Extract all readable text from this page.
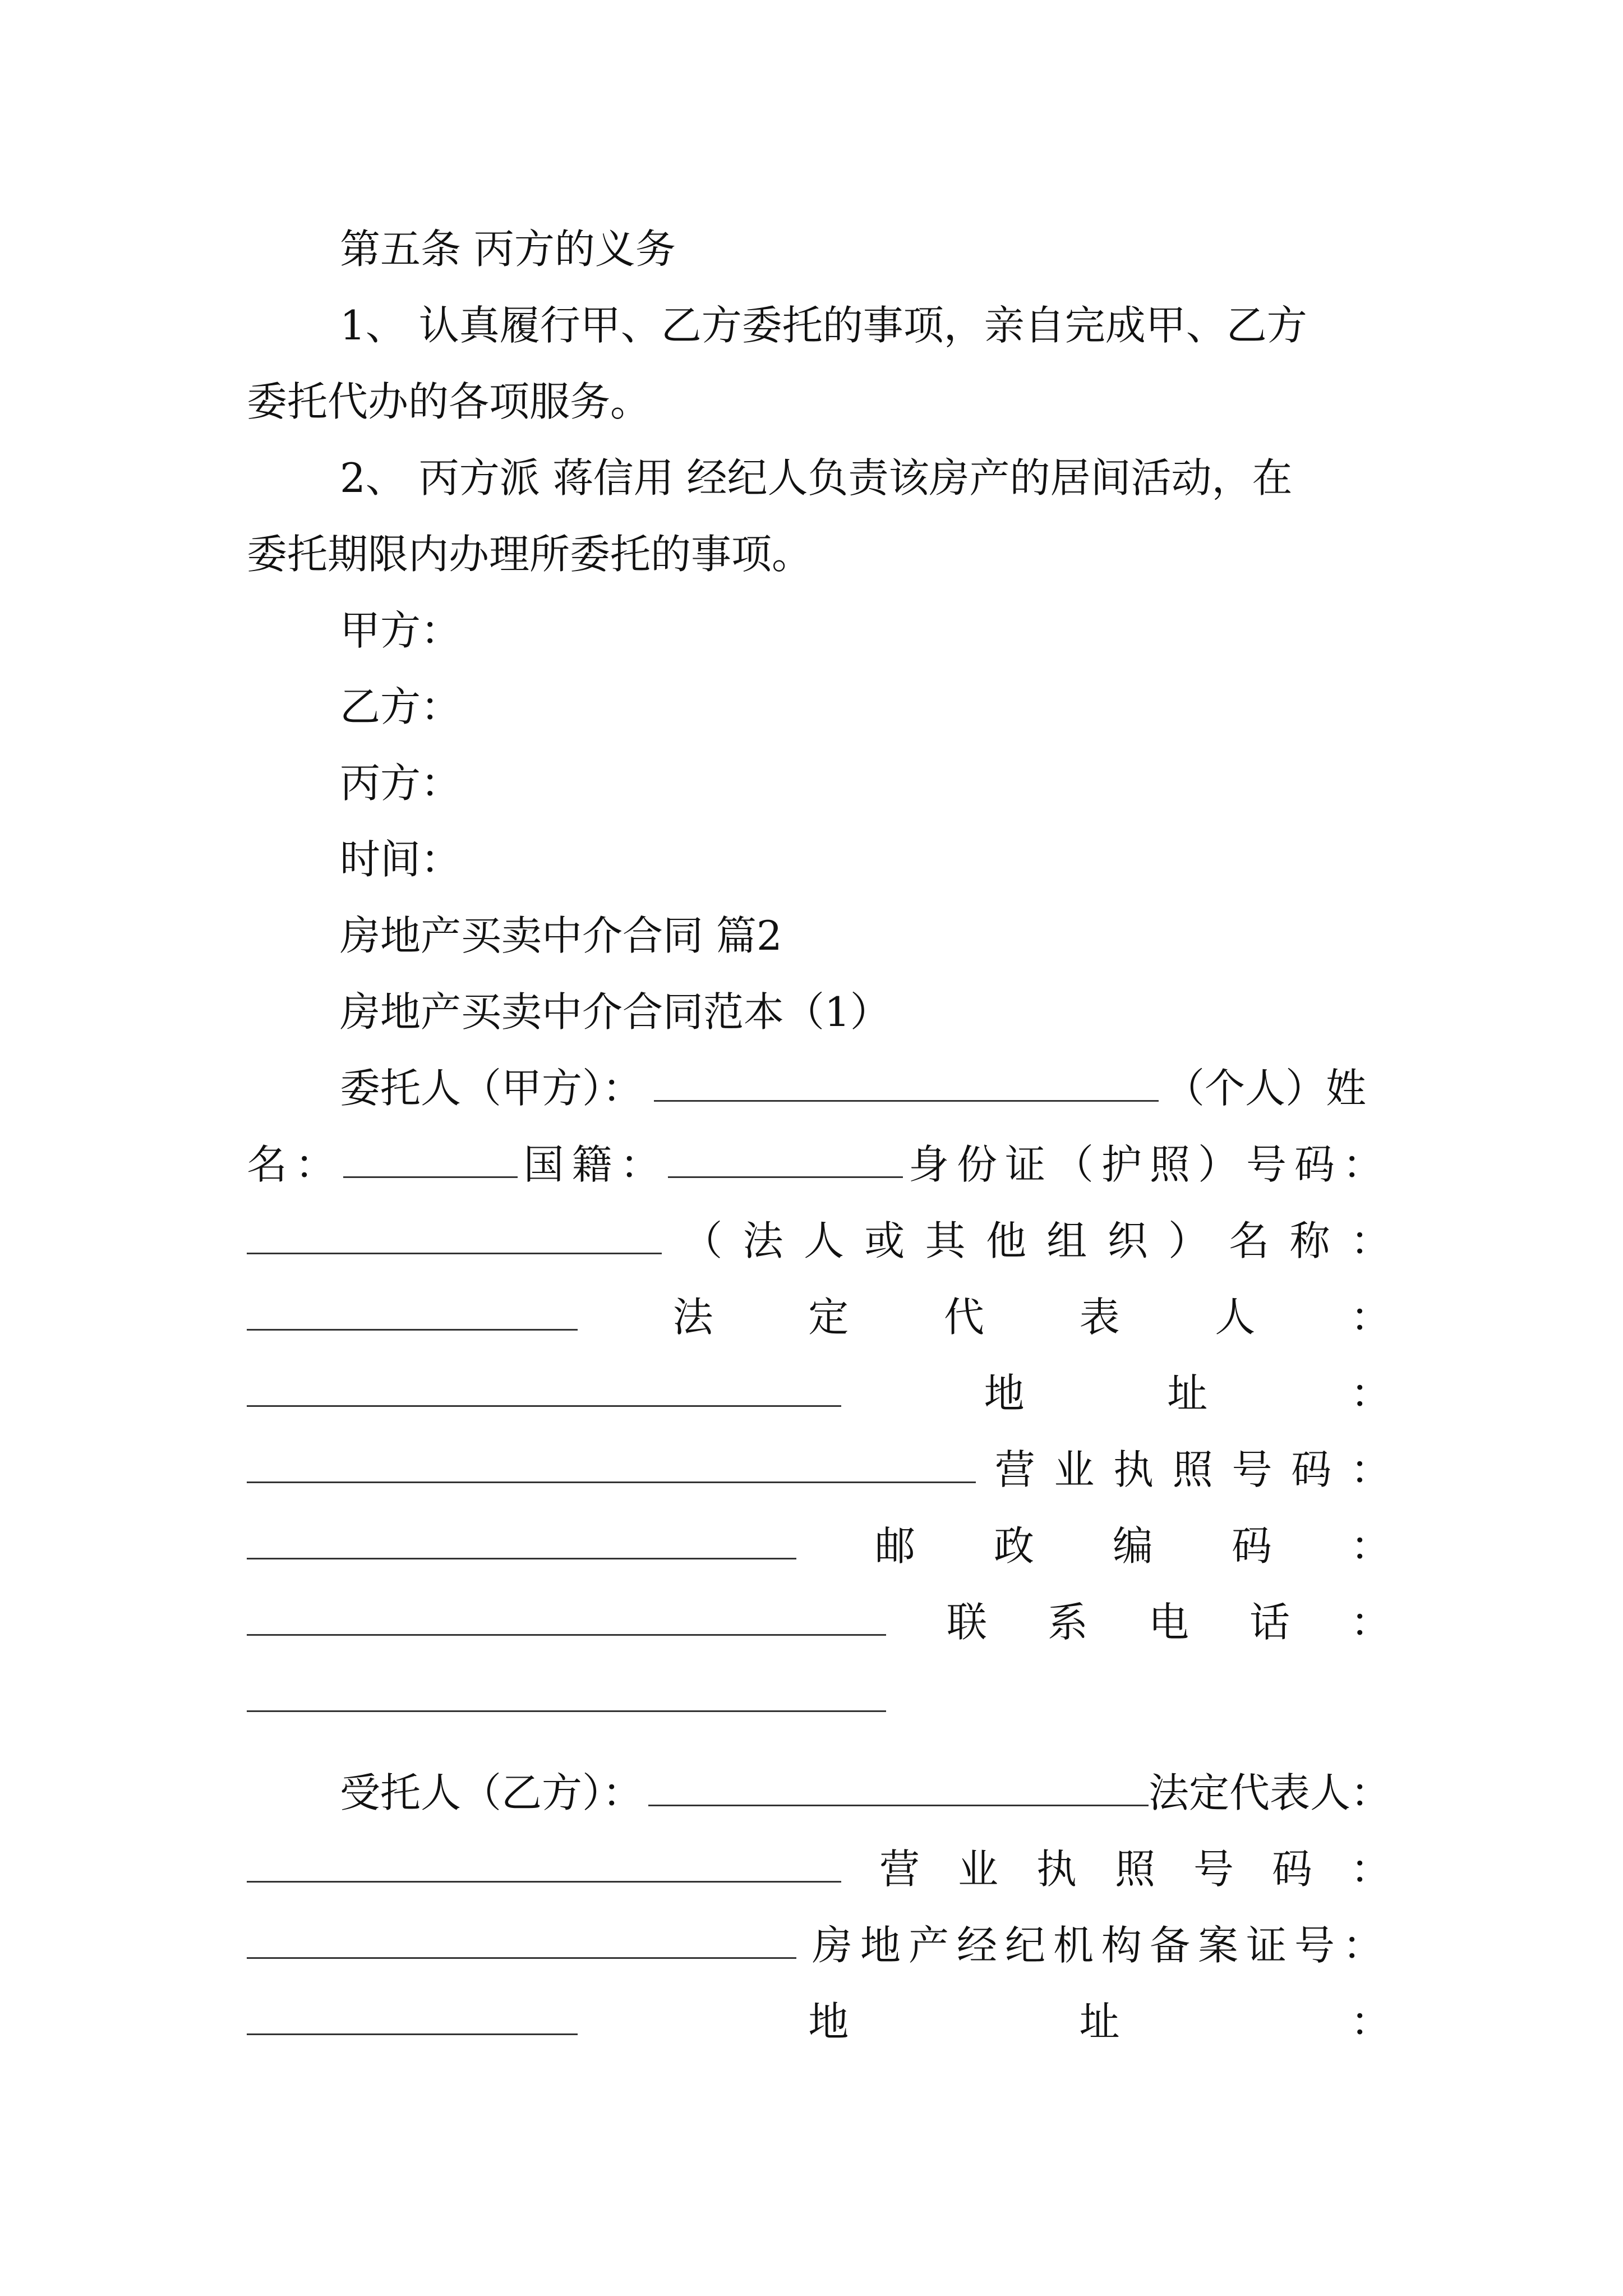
第五条 丙方的义务
1、 认真履行甲、乙方委托的事项，亲自完成甲、乙方
委托代办的各项服务。
2、 丙方派 蒋信用 经纪人负责该房产的居间活动，在
委托期限内办理所委托的事项。
甲方：
乙方：
丙方：
时间：
房地产买卖中介合同 篇2
房地产买卖中介合同范本（1）
委托人（甲方）：	（个人）姓
名：	国籍：	身份证（护照）号码：
（ 法 人 或 其 他 组 织 ） 名 称 ：
法 定 代 表 人 ：
地	址	：
营 业 执 照 号 码 ：
邮 政 编 码 ：
联 系 电 话 ：
受托人（乙方）：	法定代表人：
营 业 执 照 号 码 ：
房地产经纪机构备案证号：
地	址	：
